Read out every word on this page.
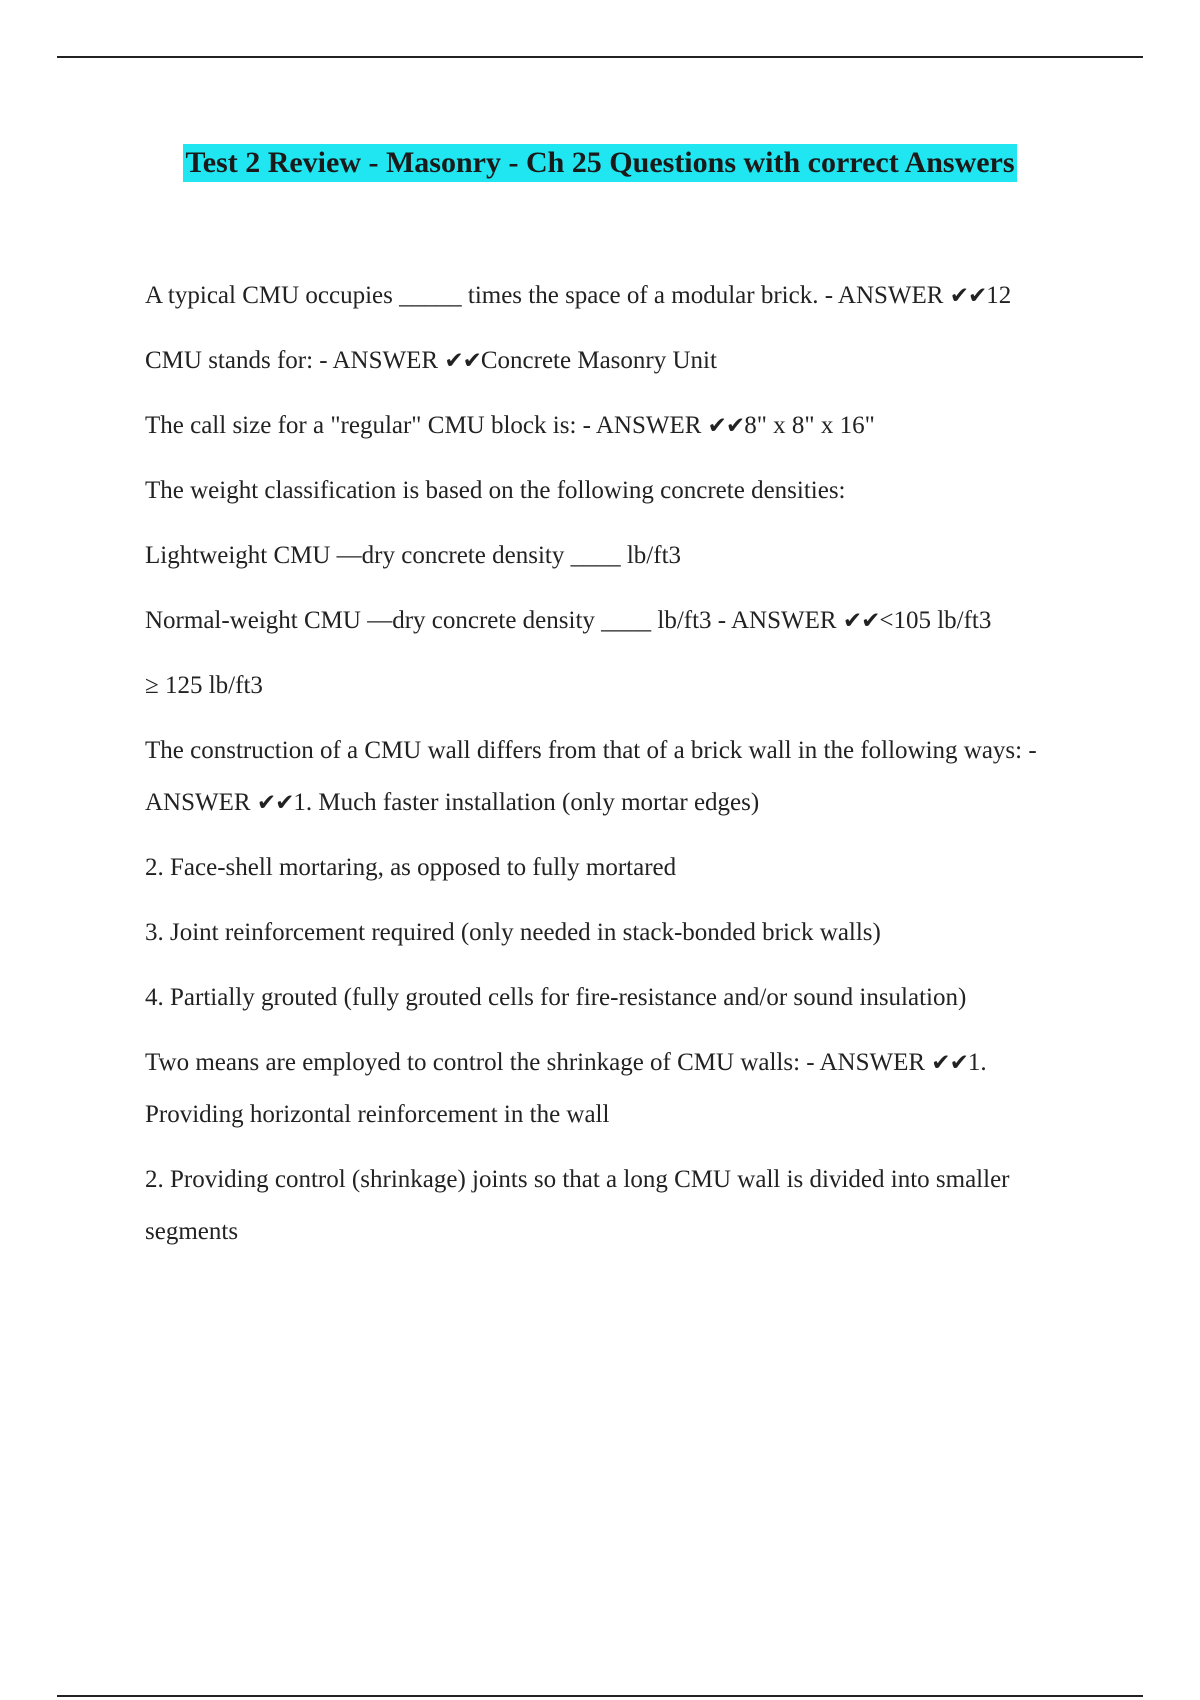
Test 2 Review - Masonry - Ch 25 Questions with correct Answers

A typical CMU occupies _____ times the space of a modular brick. - ANSWER ✔✔12

CMU stands for: - ANSWER ✔✔Concrete Masonry Unit

The call size for a "regular" CMU block is: - ANSWER ✔✔8" x 8" x 16"

The weight classification is based on the following concrete densities:

Lightweight CMU —dry concrete density ____ lb/ft3

Normal-weight CMU —dry concrete density ____ lb/ft3 - ANSWER ✔✔<105 lb/ft3

≥ 125 lb/ft3

The construction of a CMU wall differs from that of a brick wall in the following ways: - ANSWER ✔✔1. Much faster installation (only mortar edges)

2. Face-shell mortaring, as opposed to fully mortared

3. Joint reinforcement required (only needed in stack-bonded brick walls)

4. Partially grouted (fully grouted cells for fire-resistance and/or sound insulation)

Two means are employed to control the shrinkage of CMU walls: - ANSWER ✔✔1. Providing horizontal reinforcement in the wall

2. Providing control (shrinkage) joints so that a long CMU wall is divided into smaller segments
